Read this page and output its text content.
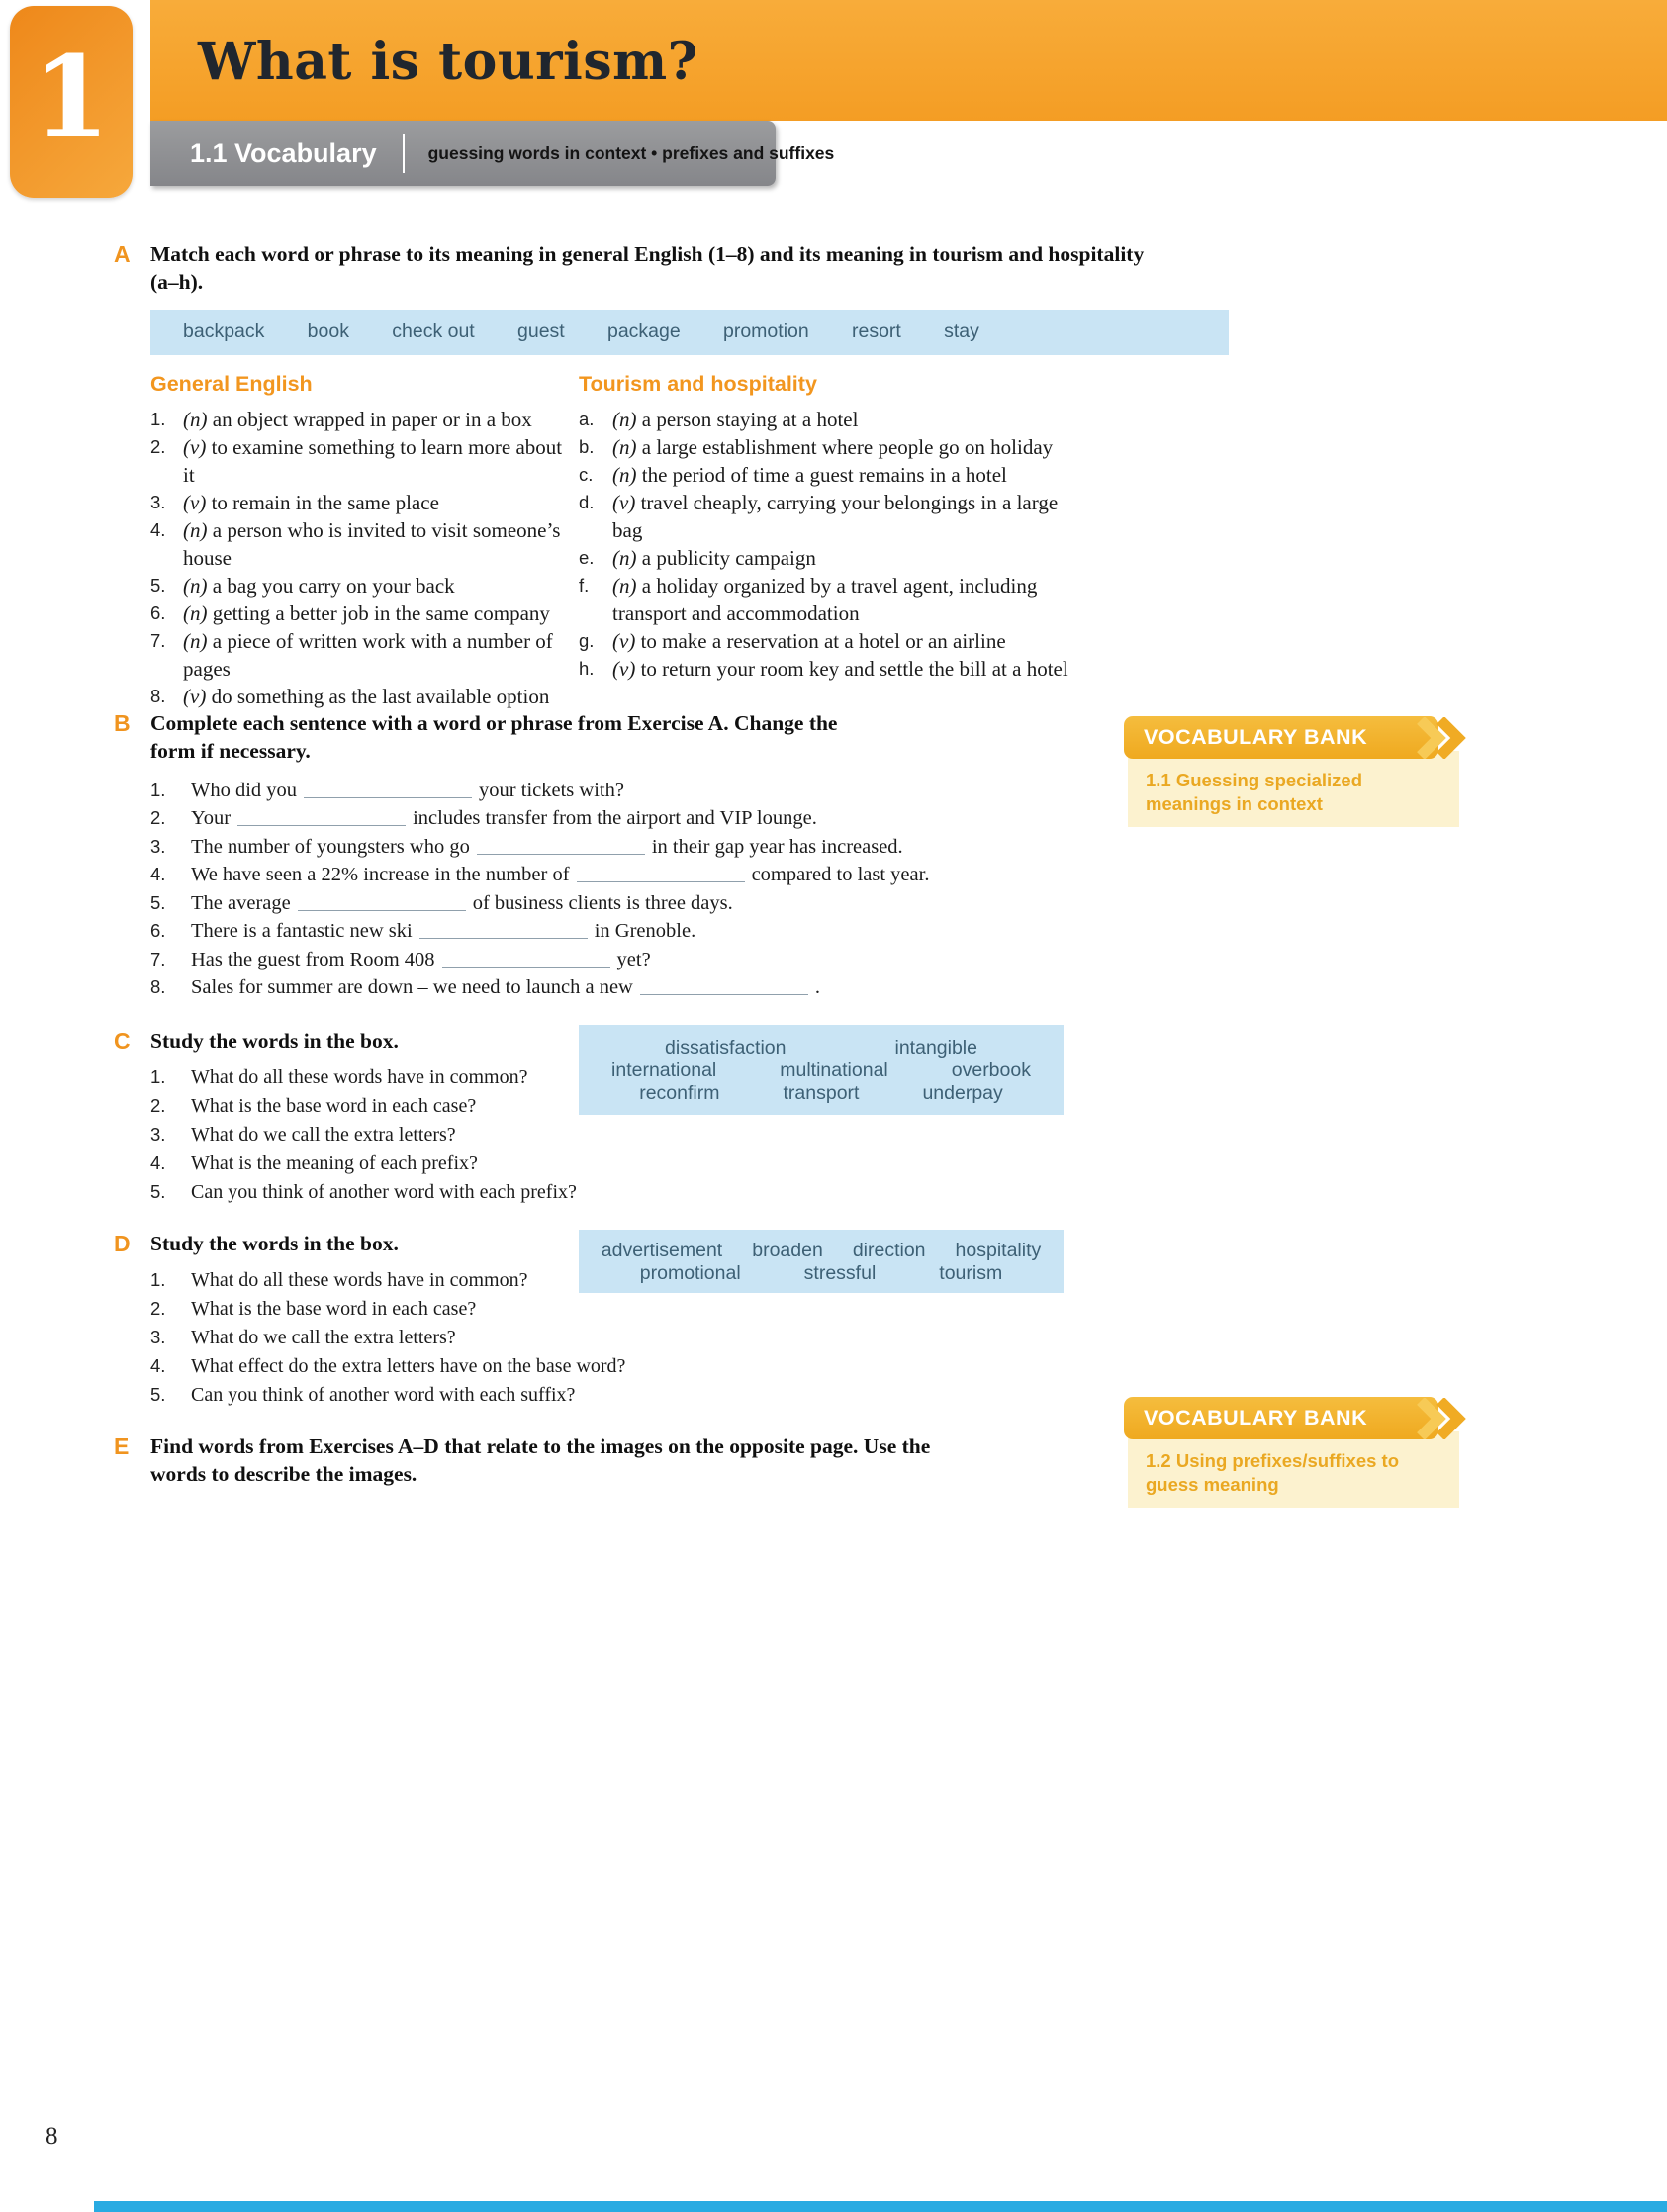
What is tourism?
1	1.1 Vocabulary	guessing words in context • prefixes and suffixes
A Match each word or phrase to its meaning in general English (1–8) and its meaning in tourism and hospitality (a–h).
backpack book check out guest package promotion resort stay
General English
1. (n) an object wrapped in paper or in a box
2. (v) to examine something to learn more about it
3. (v) to remain in the same place
4. (n) a person who is invited to visit someone’s house
5. (n) a bag you carry on your back
6. (n) getting a better job in the same company
7. (n) a piece of written work with a number of pages
8. (v) do something as the last available option
Tourism and hospitality
a. (n) a person staying at a hotel
b. (n) a large establishment where people go on holiday
c. (n) the period of time a guest remains in a hotel
d. (v) travel cheaply, carrying your belongings in a large bag
e. (n) a publicity campaign
f.	(n) a holiday organized by a travel agent, including transport and accommodation
g. (v) to make a reservation at a hotel or an airline
h. (v) to return your room key and settle the bill at a hotel
B Complete each sentence with a word or phrase from Exercise A. Change the form if necessary.
1.	Who did you	your tickets with?
2.	Your	includes transfer from the airport and VIP lounge.
3.	The number of youngsters who go	in their gap year has increased.
4.	We have seen a 22% increase in the number of	compared to last year.
5.	The average	of business clients is three days.
6.	There is a fantastic new ski	in Grenoble.
7.	Has the guest from Room 408	yet?
8.	Sales for summer are down – we need to launch a new	.
VOCABULARY BANK
1.1 Guessing specialized meanings in context
C Study the words in the box.
1.	What do all these words have in common?
2.	What is the base word in each case?
3.	What do we call the extra letters?
4.	What is the meaning of each prefix?
5.	Can you think of another word with each prefix?
dissatisfaction	intangible
international	multinational	overbook
reconfirm	transport	underpay
D Study the words in the box.
1.	What do all these words have in common?
2.	What is the base word in each case?
3.	What do we call the extra letters?
4.	What effect do the extra letters have on the base word?
5.	Can you think of another word with each suffix?
advertisement broaden direction hospitality
promotional	stressful	tourism
E	Find words from Exercises A–D that relate to the images on the opposite page. Use the words to describe the images.
VOCABULARY BANK
1.2 Using prefixes/suffixes to guess meaning
8
